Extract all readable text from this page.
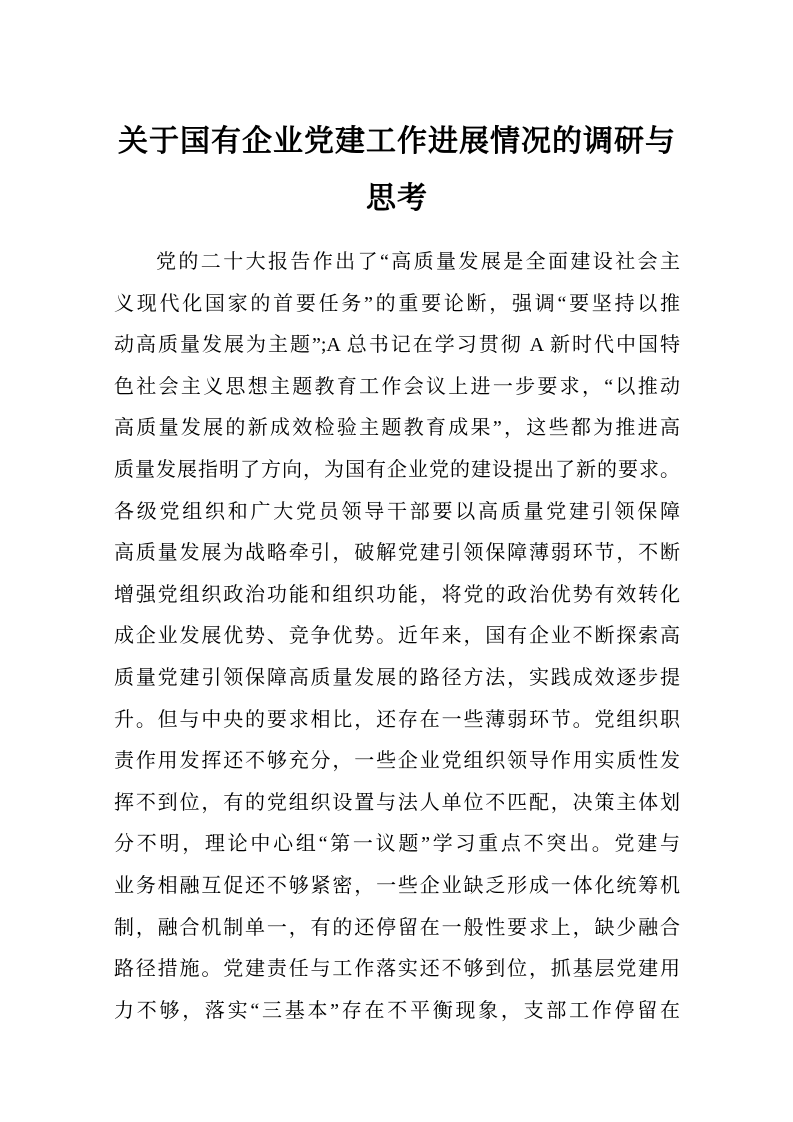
关于国有企业党建工作进展情况的调研与
思考
党的二十大报告作出了“高质量发展是全面建设社会主
义现代化国家的首要任务”的重要论断，强调“要坚持以推
动高质量发展为主题”;A 总书记在学习贯彻 A 新时代中国特
色社会主义思想主题教育工作会议上进一步要求，“以推动
高质量发展的新成效检验主题教育成果”，这些都为推进高
质量发展指明了方向，为国有企业党的建设提出了新的要求。
各级党组织和广大党员领导干部要以高质量党建引领保障
高质量发展为战略牵引，破解党建引领保障薄弱环节，不断
增强党组织政治功能和组织功能，将党的政治优势有效转化
成企业发展优势、竞争优势。近年来，国有企业不断探索高
质量党建引领保障高质量发展的路径方法，实践成效逐步提
升。但与中央的要求相比，还存在一些薄弱环节。党组织职
责作用发挥还不够充分，一些企业党组织领导作用实质性发
挥不到位，有的党组织设置与法人单位不匹配，决策主体划
分不明，理论中心组“第一议题”学习重点不突出。党建与
业务相融互促还不够紧密，一些企业缺乏形成一体化统筹机
制，融合机制单一，有的还停留在一般性要求上，缺少融合
路径措施。党建责任与工作落实还不够到位，抓基层党建用
力不够，落实“三基本”存在不平衡现象，支部工作停留在
